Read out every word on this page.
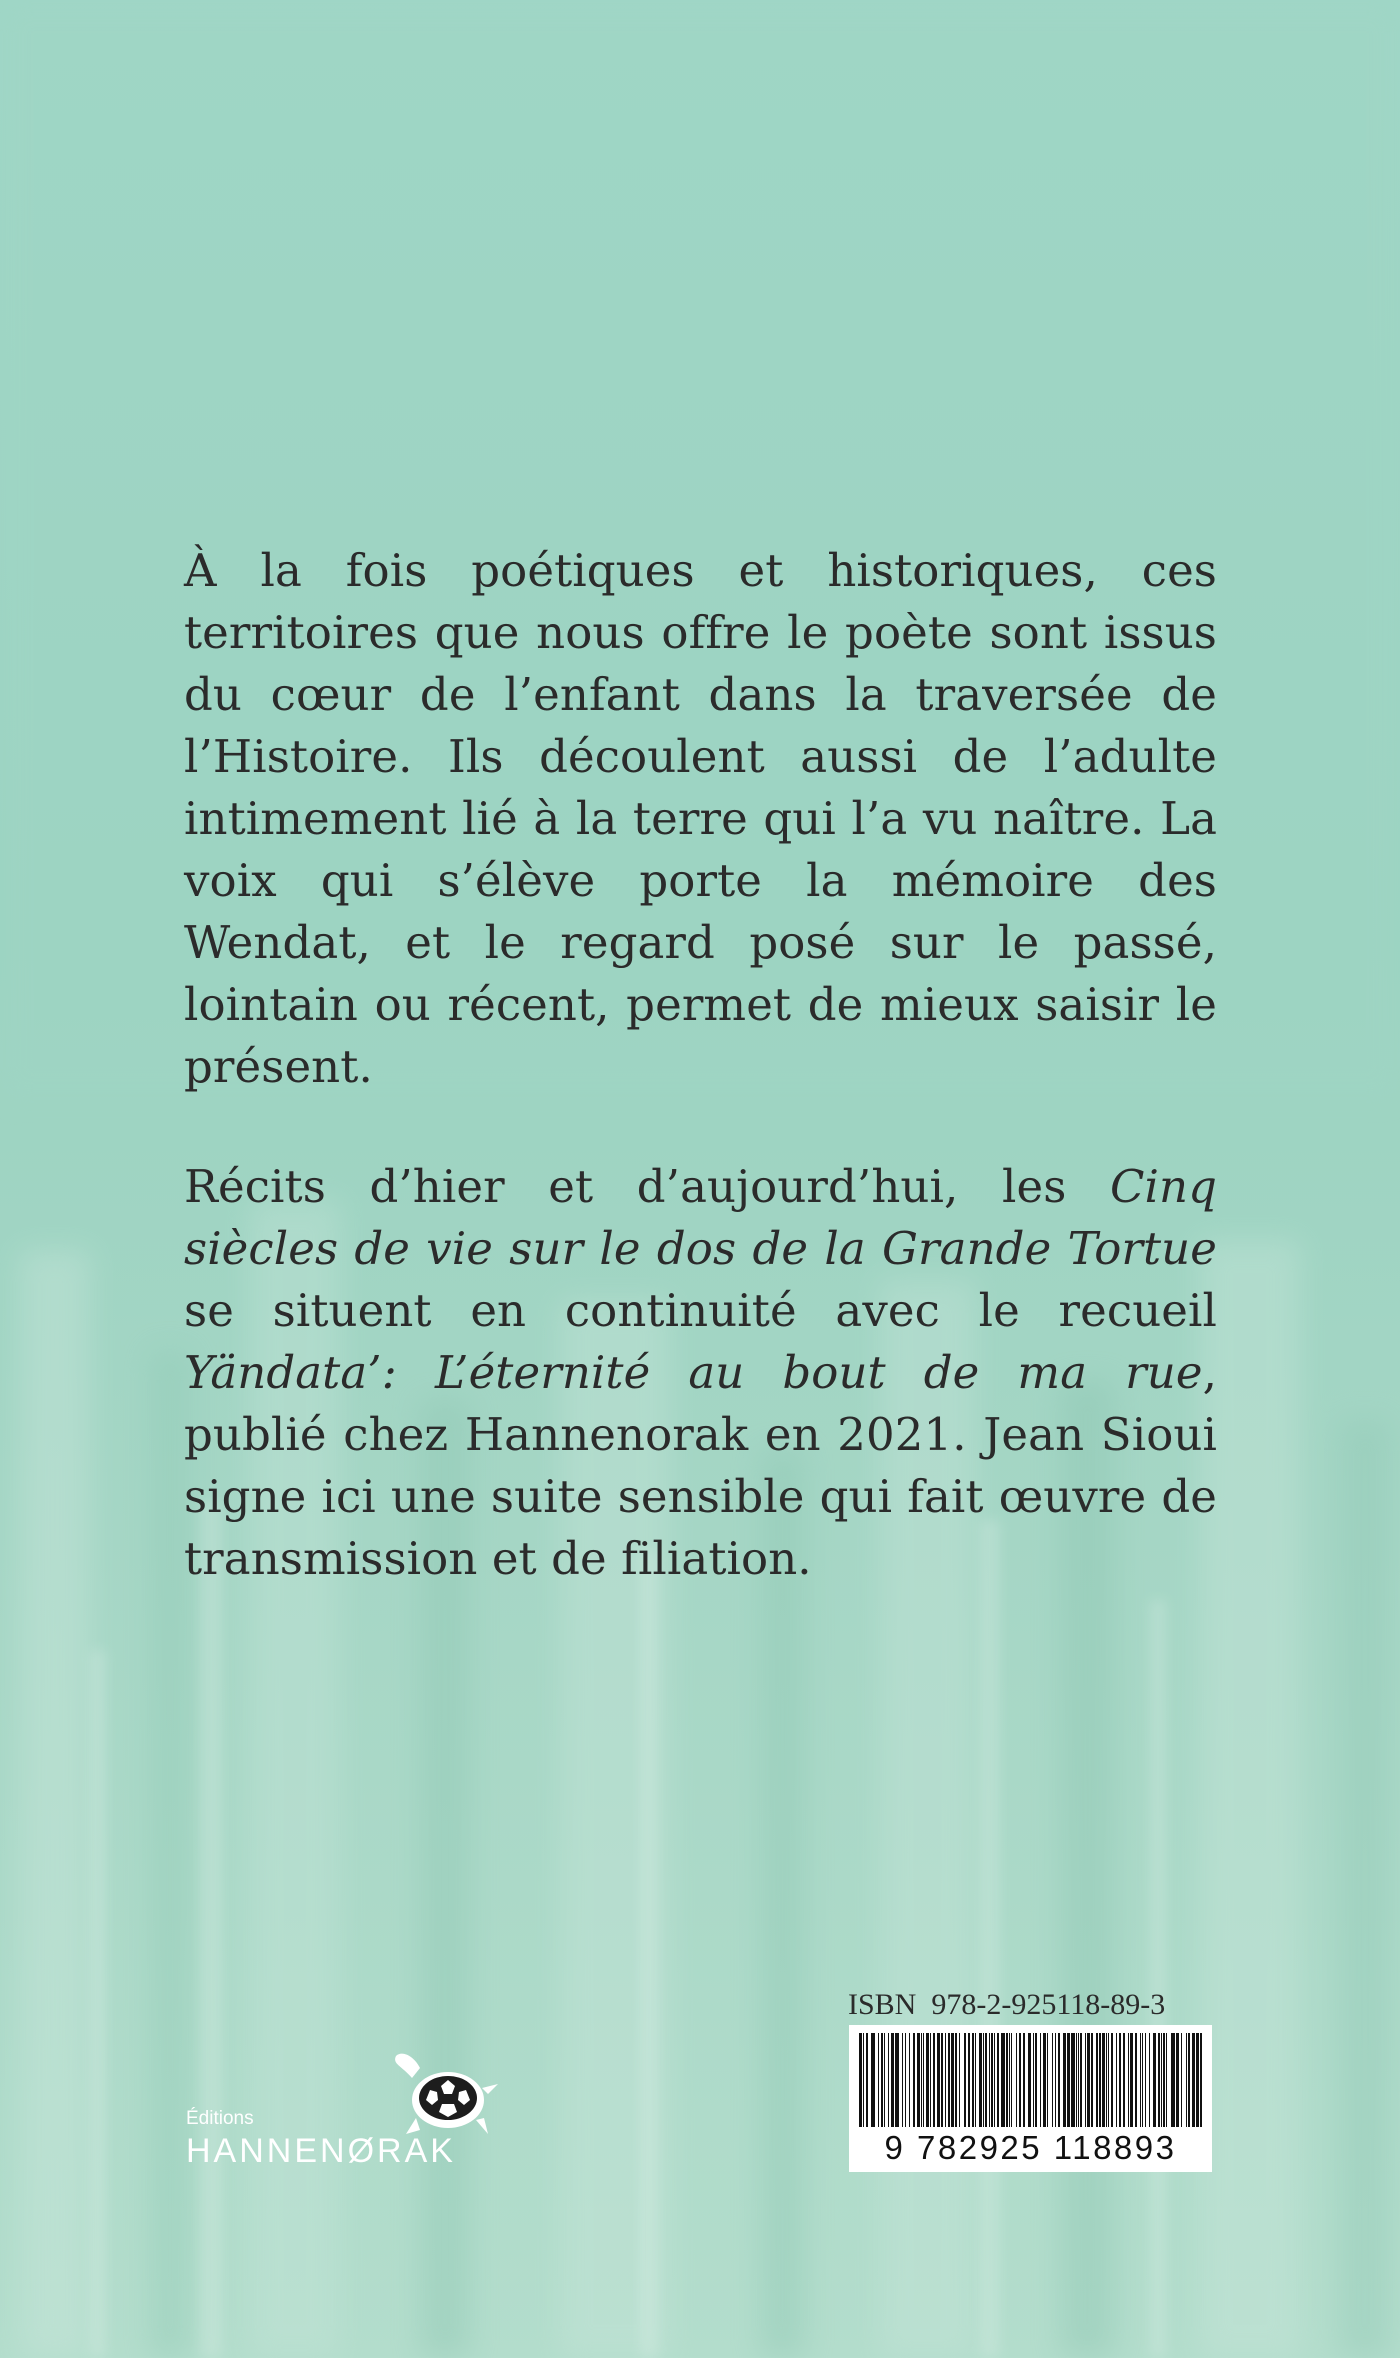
À la fois poétiques et historiques, ces territoires que nous offre le poète sont issus du cœur de l’enfant dans la traversée de l’Histoire. Ils découlent aussi de l’adulte intimement lié à la terre qui l’a vu naître. La voix qui s’élève porte la mémoire des Wendat, et le regard posé sur le passé, lointain ou récent, permet de mieux saisir le présent.

Récits d’hier et d’aujourd’hui, les Cinq siècles de vie sur le dos de la Grande Tortue se situent en continuité avec le recueil Yändata’: L’éternité au bout de ma rue, publié chez Hannenorak en 2021. Jean Sioui signe ici une suite sensible qui fait œuvre de transmission et de filiation.

Éditions
HANNENØRAK
ISBN 978-2-925118-89-3
9 782925 118893
